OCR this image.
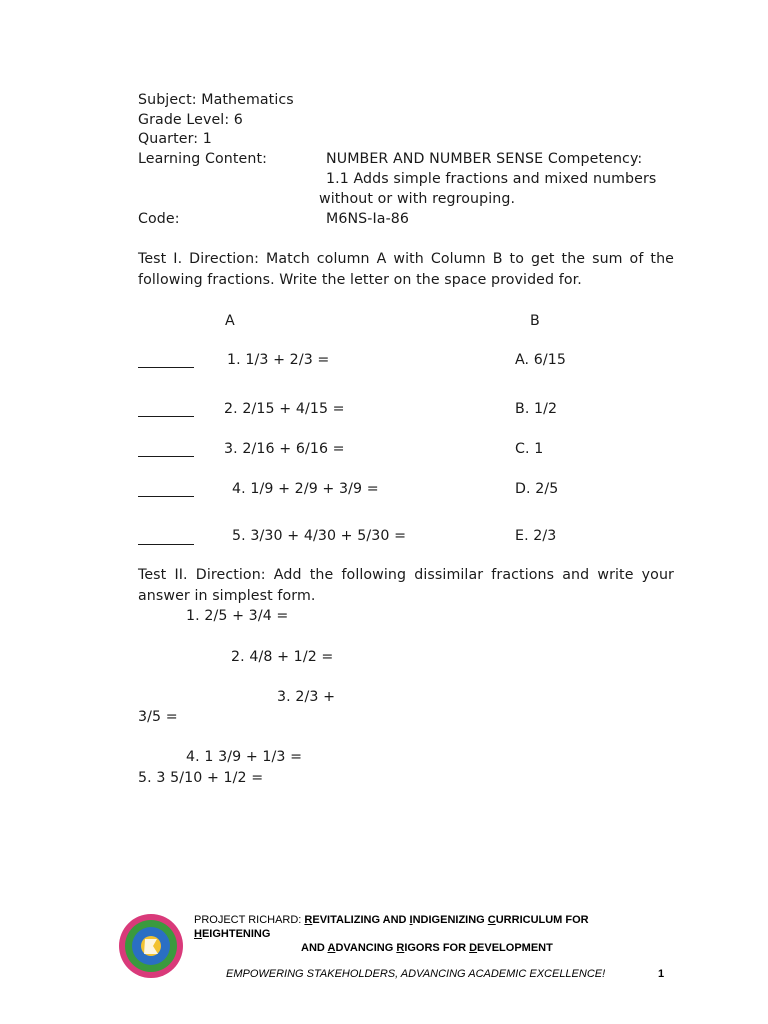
Subject: Mathematics
Grade Level: 6
Quarter: 1
Learning Content:	NUMBER AND NUMBER SENSE Competency:
1.1 Adds simple fractions and mixed numbers
without or with regrouping.
Code:	M6NS-Ia-86
Test I. Direction: Match column A with Column B to get the sum of the
following fractions. Write the letter on the space provided for.
A	B
1. 1/3 + 2/3 =	A. 6/15
2. 2/15 + 4/15 =	B. 1/2
3. 2/16 + 6/16 =	C. 1
4. 1/9 + 2/9 + 3/9 =	D. 2/5
5. 3/30 + 4/30 + 5/30 =	E. 2/3
Test II. Direction: Add the following dissimilar fractions and write your
answer in simplest form.
1. 2/5 + 3/4 =
2. 4/8 + 1/2 =
3. 2/3 +
3/5 =
4. 1 3/9 + 1/3 =
5. 3 5/10 + 1/2 =
PROJECT RICHARD: REVITALIZING AND INDIGENIZING CURRICULUM FOR
HEIGHTENING
AND ADVANCING RIGORS FOR DEVELOPMENT
EMPOWERING STAKEHOLDERS, ADVANCING ACADEMIC EXCELLENCE!	1
